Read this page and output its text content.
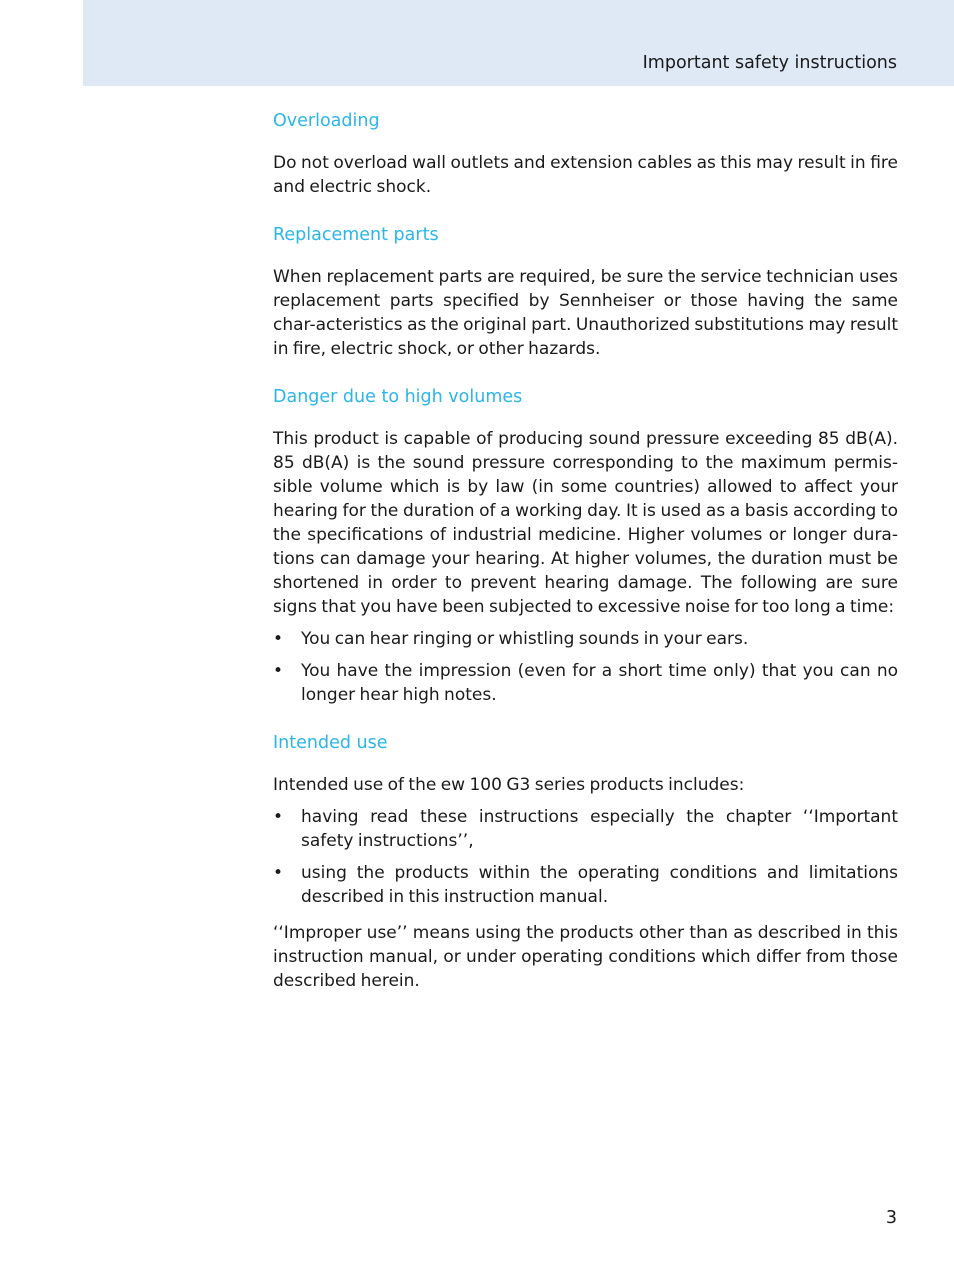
Important safety instructions
Overloading

Do not overload wall outlets and extension cables as this may result in fire and electric shock.

Replacement parts

When replacement parts are required, be sure the service technician uses replacement parts specified by Sennheiser or those having the same char-acteristics as the original part. Unauthorized substitutions may result in fire, electric shock, or other hazards.

Danger due to high volumes

This product is capable of producing sound pressure exceeding 85 dB(A). 85 dB(A) is the sound pressure corresponding to the maximum permis-sible volume which is by law (in some countries) allowed to affect your hearing for the duration of a working day. It is used as a basis according to the specifications of industrial medicine. Higher volumes or longer dura-tions can damage your hearing. At higher volumes, the duration must be shortened in order to prevent hearing damage. The following are sure signs that you have been subjected to excessive noise for too long a time:

• You can hear ringing or whistling sounds in your ears.
• You have the impression (even for a short time only) that you can no longer hear high notes.
Intended use

Intended use of the ew 100 G3 series products includes:

• having read these instructions especially the chapter ‘‘Important safety instructions’’,
• using the products within the operating conditions and limitations described in this instruction manual.

‘‘Improper use’’ means using the products other than as described in this instruction manual, or under operating conditions which differ from those described herein.

3
